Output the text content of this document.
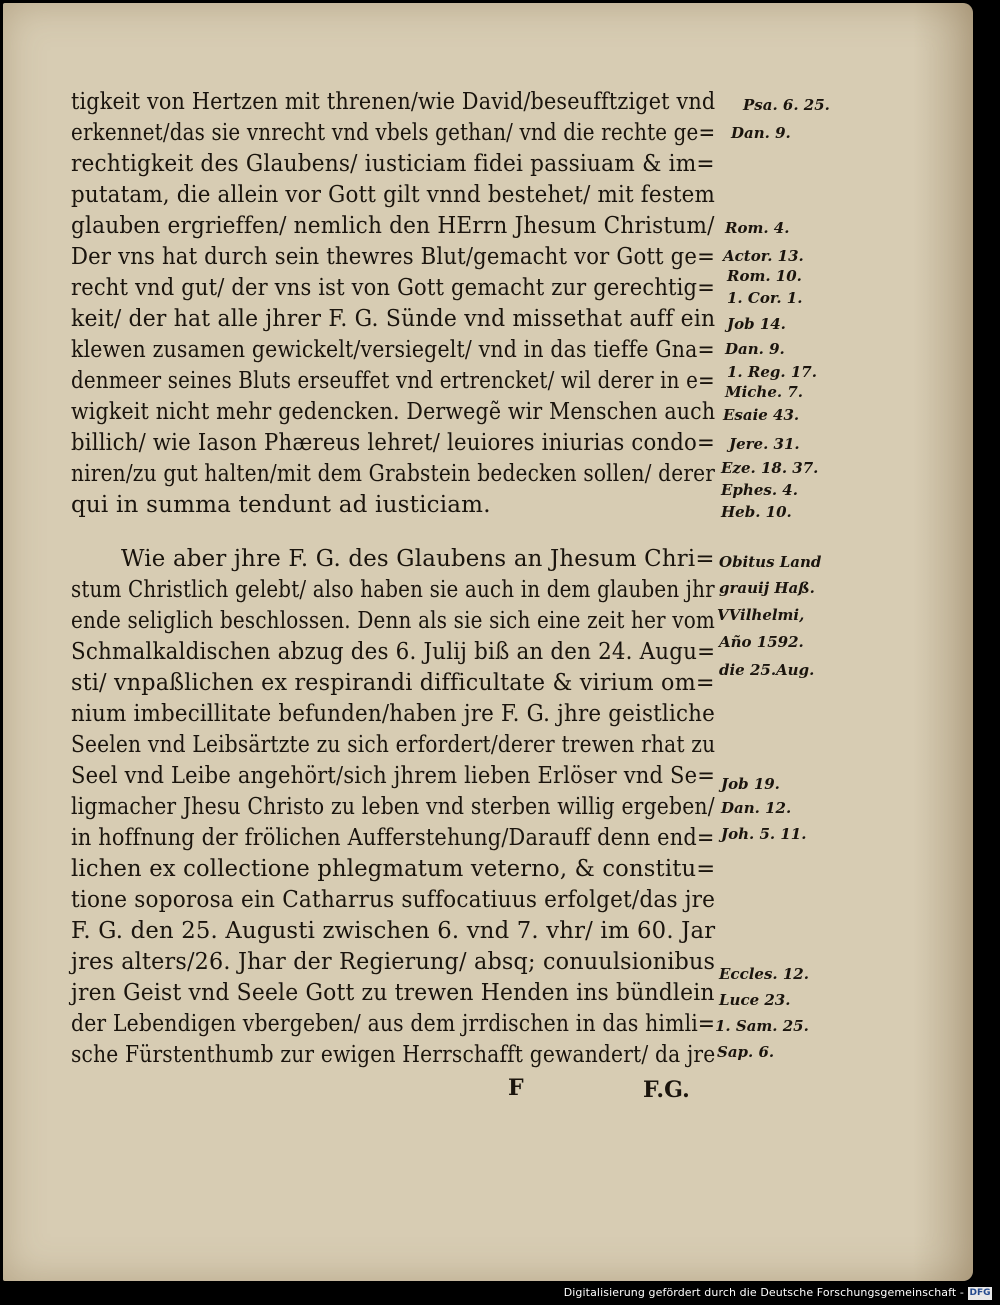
tigkeit von Hertzen mit threnen/wie David/beseufftziget vnd
erkennet/das sie vnrecht vnd vbels gethan/ vnd die rechte ge=
rechtigkeit des Glaubens/ iusticiam fidei passiuam & im=
putatam, die allein vor Gott gilt vnnd bestehet/ mit festem
glauben ergrieffen/ nemlich den HErrn Jhesum Christum/
Der vns hat durch sein thewres Blut/gemacht vor Gott ge=
recht vnd gut/ der vns ist von Gott gemacht zur gerechtig=
keit/ der hat alle jhrer F. G. Sünde vnd missethat auff ein
klewen zusamen gewickelt/versiegelt/ vnd in das tieffe Gna=
denmeer seines Bluts erseuffet vnd ertrencket/ wil derer in e=
wigkeit nicht mehr gedencken. Derwegẽ wir Menschen auch
billich/ wie Iason Phæreus lehret/ leuiores iniurias condo=
niren/zu gut halten/mit dem Grabstein bedecken sollen/ derer
qui in summa tendunt ad iusticiam.
Wie aber jhre F. G. des Glaubens an Jhesum Chri=
stum Christlich gelebt/ also haben sie auch in dem glauben jhr
ende seliglich beschlossen. Denn als sie sich eine zeit her vom
Schmalkaldischen abzug des 6. Julij biß an den 24. Augu=
sti/ vnpaßlichen ex respirandi difficultate & virium om=
nium imbecillitate befunden/haben jre F. G. jhre geistliche
Seelen vnd Leibsärtzte zu sich erfordert/derer trewen rhat zu
Seel vnd Leibe angehört/sich jhrem lieben Erlöser vnd Se=
ligmacher Jhesu Christo zu leben vnd sterben willig ergeben/
in hoffnung der frölichen Aufferstehung/Darauff denn end=
lichen ex collectione phlegmatum veterno, & constitu=
tione soporosa ein Catharrus suffocatiuus erfolget/das jre
F. G. den 25. Augusti zwischen 6. vnd 7. vhr/ im 60. Jar
jres alters/26. Jhar der Regierung/ absq; conuulsionibus
jren Geist vnd Seele Gott zu trewen Henden ins bündlein
der Lebendigen vbergeben/ aus dem jrrdischen in das himli=
sche Fürstenthumb zur ewigen Herrschafft gewandert/ da jre
Psa. 6. 25.
Dan. 9.
Rom. 4.
Actor. 13.
Rom. 10.
1. Cor. 1.
Job 14.
Dan. 9.
1. Reg. 17.
Miche. 7.
Esaie 43.
Jere. 31.
Eze. 18. 37.
Ephes. 4.
Heb. 10.
Obitus Land
grauij Haß.
VVilhelmi,
Año 1592.
die 25.Aug.
Job 19.
Dan. 12.
Joh. 5. 11.
Eccles. 12.
Luce 23.
1. Sam. 25.
Sap. 6.
F	F.G.
Digitalisierung gefördert durch die Deutsche Forschungsgemeinschaft - DFG
